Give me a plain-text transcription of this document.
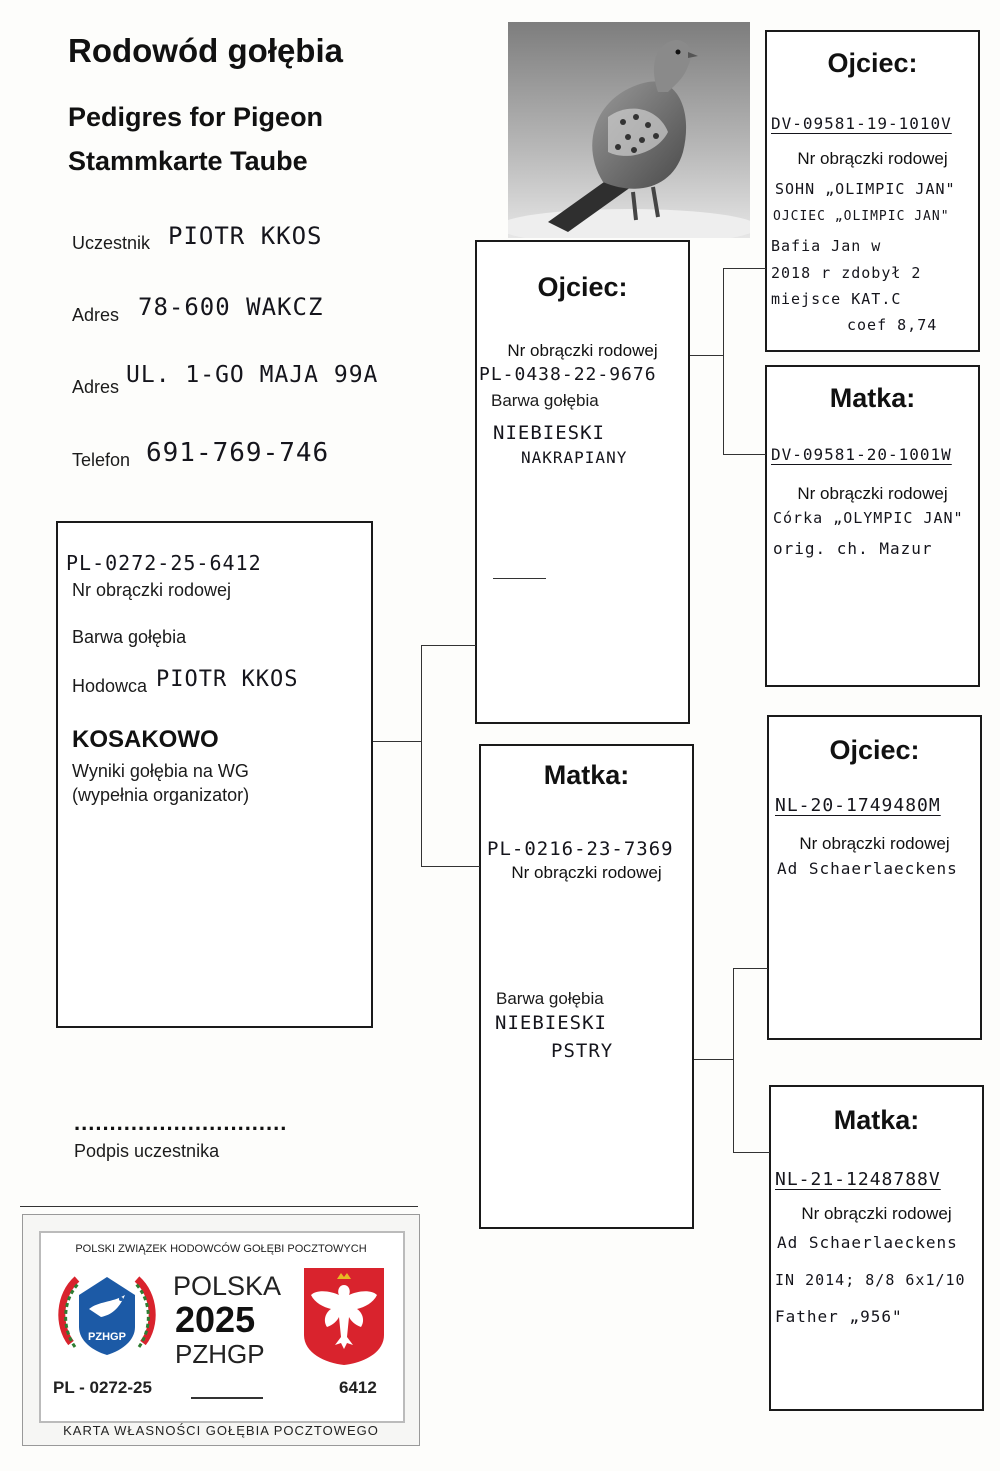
Rodowód gołębia
Pedigres for Pigeon
Stammkarte Taube
Uczestnik PIOTR KKOS
Adres 78-600 WAKCZ
Adres UL. 1-GO MAJA 99A
Telefon 691-769-746
PL-0272-25-6412
Nr obrączki rodowej
Barwa gołębia
Hodowca PIOTR KKOS
KOSAKOWO
Wyniki gołębia na WG
(wypełnia organizator)
..............................
Podpis uczestnika
Ojciec:
Nr obrączki rodowej
PL-0438-22-9676
Barwa gołębia
NIEBIESKI
NAKRAPIANY
Matka:
PL-0216-23-7369
Nr obrączki rodowej
Barwa gołębia
NIEBIESKI
PSTRY
Ojciec:
DV-09581-19-1010V
Nr obrączki rodowej
SOHN „OLIMPIC JAN"
OJCIEC „OLIMPIC JAN"
Bafia Jan w
2018 r zdobył 2
miejsce KAT.C
coef 8,74
Matka:
DV-09581-20-1001W
Nr obrączki rodowej
Córka „OLYMPIC JAN"
orig. ch. Mazur
Ojciec:
NL-20-1749480M
Nr obrączki rodowej
Ad Schaerlaeckens
Matka:
NL-21-1248788V
Nr obrączki rodowej
Ad Schaerlaeckens
IN 2014; 8/8 6x1/10
Father „956"
POLSKI ZWIĄZEK HODOWCÓW GOŁĘBI POCZTOWYCH
PZHGP
POLSKA
2025
PZHGP
PL - 0272-25	6412
KARTA WŁASNOŚCI GOŁĘBIA POCZTOWEGO
